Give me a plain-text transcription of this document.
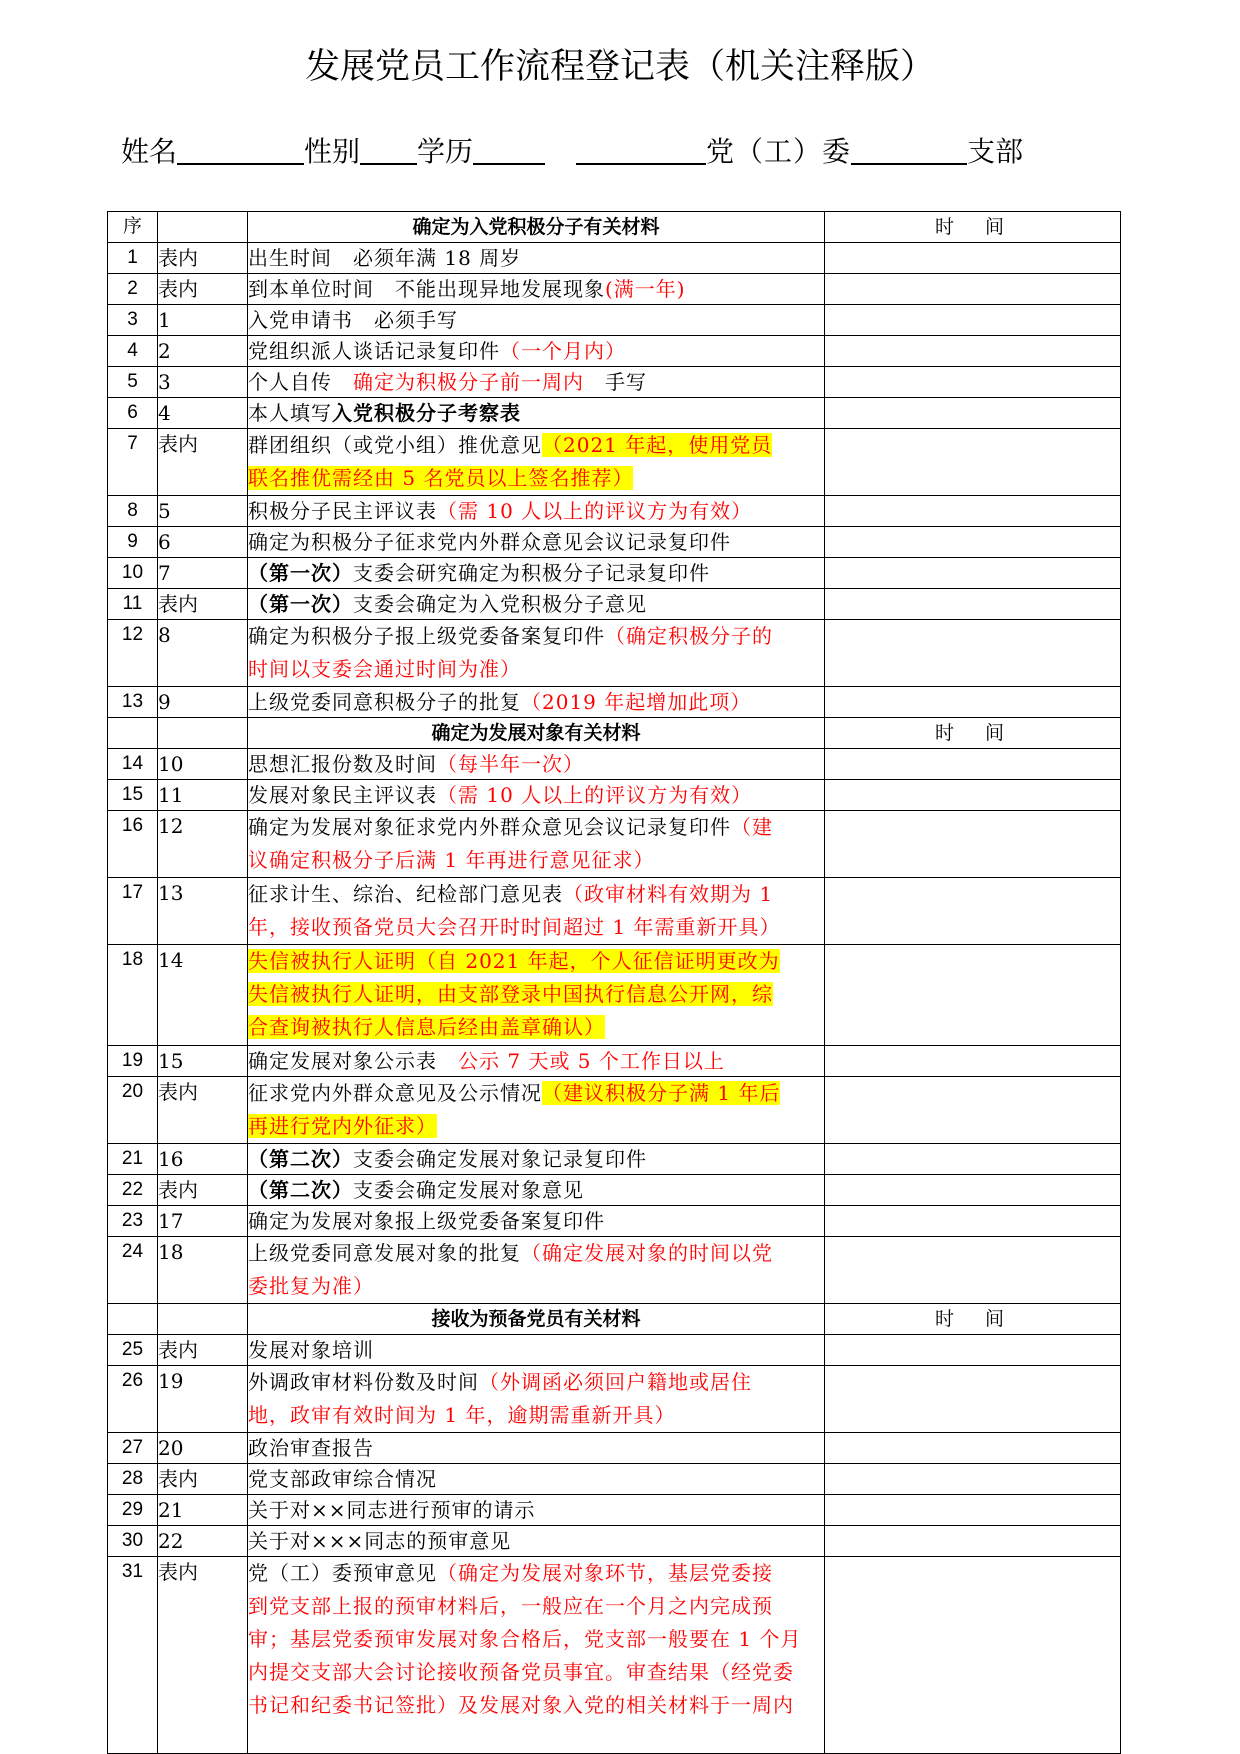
发展党员工作流程登记表（机关注释版）
姓名	性别 学历	党（工）委	支部
序		确定为入党积极分子有关材料	时　间
1	表内	出生时间　必须年满 18 周岁	

2	表内	到本单位时间　不能出现异地发展现象(满一年)	

3	1	入党申请书　必须手写	

4	2	党组织派人谈话记录复印件（一个月内）	

5	3	个人自传　确定为积极分子前一周内　手写	

6	4	本人填写入党积极分子考察表	

7	表内	群团组织（或党小组）推优意见（2021 年起，使用党员
联名推优需经由 5 名党员以上签名推荐）	

8	5	积极分子民主评议表（需 10 人以上的评议方为有效）	

9	6	确定为积极分子征求党内外群众意见会议记录复印件	

10	7	（第一次）支委会研究确定为积极分子记录复印件	

11	表内	（第一次）支委会确定为入党积极分子意见	

12	8	确定为积极分子报上级党委备案复印件（确定积极分子的
时间以支委会通过时间为准）	

13	9	上级党委同意积极分子的批复（2019 年起增加此项）	

		确定为发展对象有关材料	时　间
14	10	思想汇报份数及时间（每半年一次）	

15	11	发展对象民主评议表（需 10 人以上的评议方为有效）	

16	12	确定为发展对象征求党内外群众意见会议记录复印件（建
议确定积极分子后满 1 年再进行意见征求）	

17	13	征求计生、综治、纪检部门意见表（政审材料有效期为 1
年，接收预备党员大会召开时时间超过 1 年需重新开具）	

18	14	失信被执行人证明（自 2021 年起，个人征信证明更改为
失信被执行人证明，由支部登录中国执行信息公开网，综
合查询被执行人信息后经由盖章确认）	

19	15	确定发展对象公示表　公示 7 天或 5 个工作日以上	

20	表内	征求党内外群众意见及公示情况（建议积极分子满 1 年后
再进行党内外征求）	

21	16	（第二次）支委会确定发展对象记录复印件	

22	表内	（第二次）支委会确定发展对象意见	

23	17	确定为发展对象报上级党委备案复印件	

24	18	上级党委同意发展对象的批复（确定发展对象的时间以党
委批复为准）	

		接收为预备党员有关材料	时　间
25	表内	发展对象培训	

26	19	外调政审材料份数及时间（外调函必须回户籍地或居住
地，政审有效时间为 1 年，逾期需重新开具）	

27	20	政治审查报告	

28	表内	党支部政审综合情况	

29	21	关于对××同志进行预审的请示	

30	22	关于对×××同志的预审意见	

31	表内	党（工）委预审意见（确定为发展对象环节，基层党委接
到党支部上报的预审材料后，一般应在一个月之内完成预
审；基层党委预审发展对象合格后，党支部一般要在 1 个月
内提交支部大会讨论接收预备党员事宜。审查结果（经党委
书记和纪委书记签批）及发展对象入党的相关材料于一周内	
